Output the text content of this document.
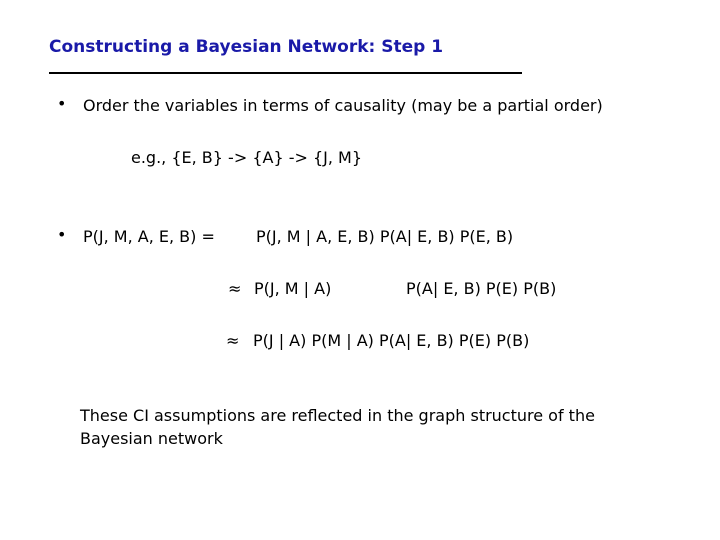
Constructing a Bayesian Network: Step 1
• Order the variables in terms of causality (may be a partial order)
e.g., {E, B} -> {A} -> {J, M}
• P(J, M, A, E, B) =	P(J, M | A, E, B) P(A| E, B) P(E, B)
≈ P(J, M | A)	P(A| E, B) P(E) P(B)
≈ P(J | A) P(M | A) P(A| E, B) P(E) P(B)
These CI assumptions are reflected in the graph structure of the
Bayesian network
